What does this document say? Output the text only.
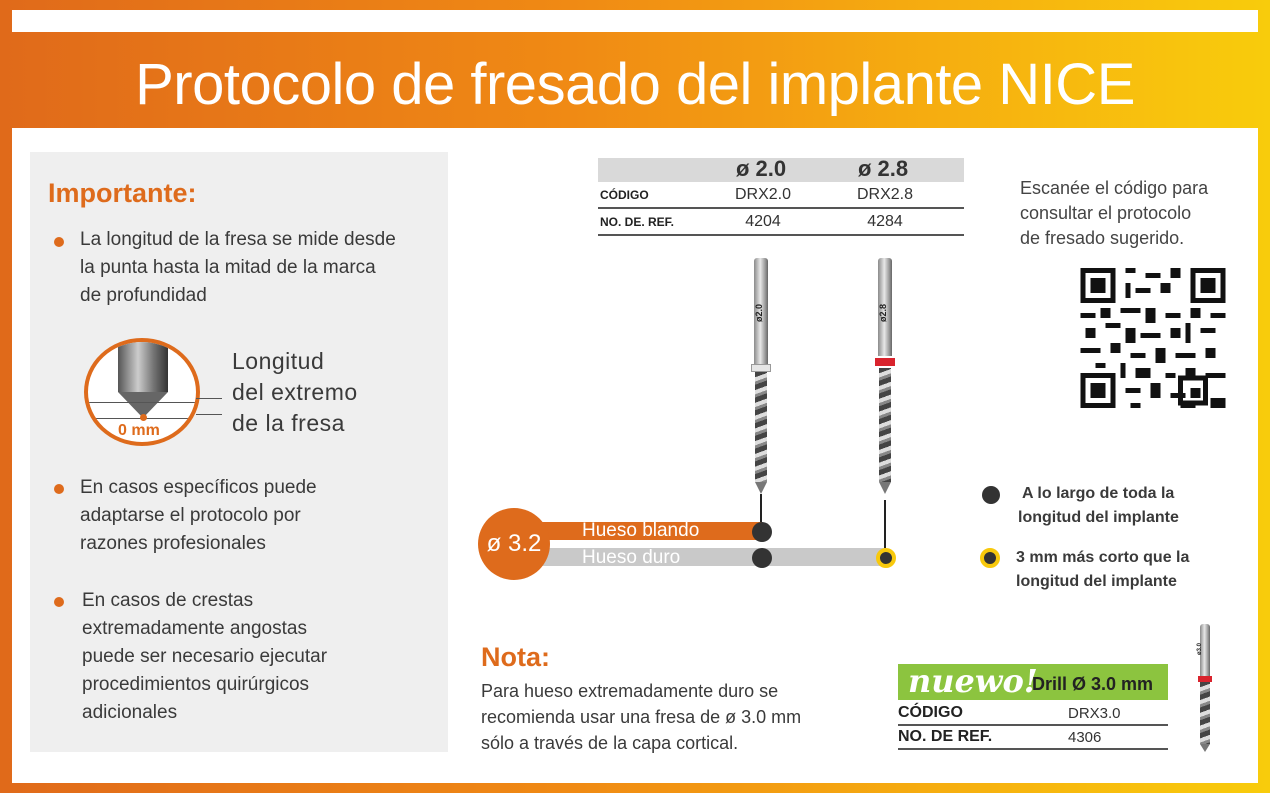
Protocolo de fresado del implante NICE
Importante:
La longitud de la fresa se mide desde
la punta hasta la mitad de la marca
de profundidad
0 mm
Longitud
del extremo
de la fresa
En casos específicos puede
adaptarse el protocolo por
razones profesionales
En casos de crestas
extremadamente angostas
puede ser necesario ejecutar
procedimientos quirúrgicos
adicionales
ø 2.0	ø 2.8
CÓDIGO	DRX2.0	DRX2.8
NO. DE. REF.	4204	4284
ø2.0	ø2.8
ø 3.2	Hueso blando
Hueso duro
Escanée el código para
consultar el protocolo
de fresado sugerido.
A lo largo de toda la
longitud del implante
3 mm más corto que la
longitud del implante
Nota:
Para hueso extremadamente duro se
recomienda usar una fresa de ø 3.0 mm
sólo a través de la capa cortical.
nuewo!
Drill Ø 3.0 mm
CÓDIGO	DRX3.0
NO. DE REF.	4306
ø3.0
